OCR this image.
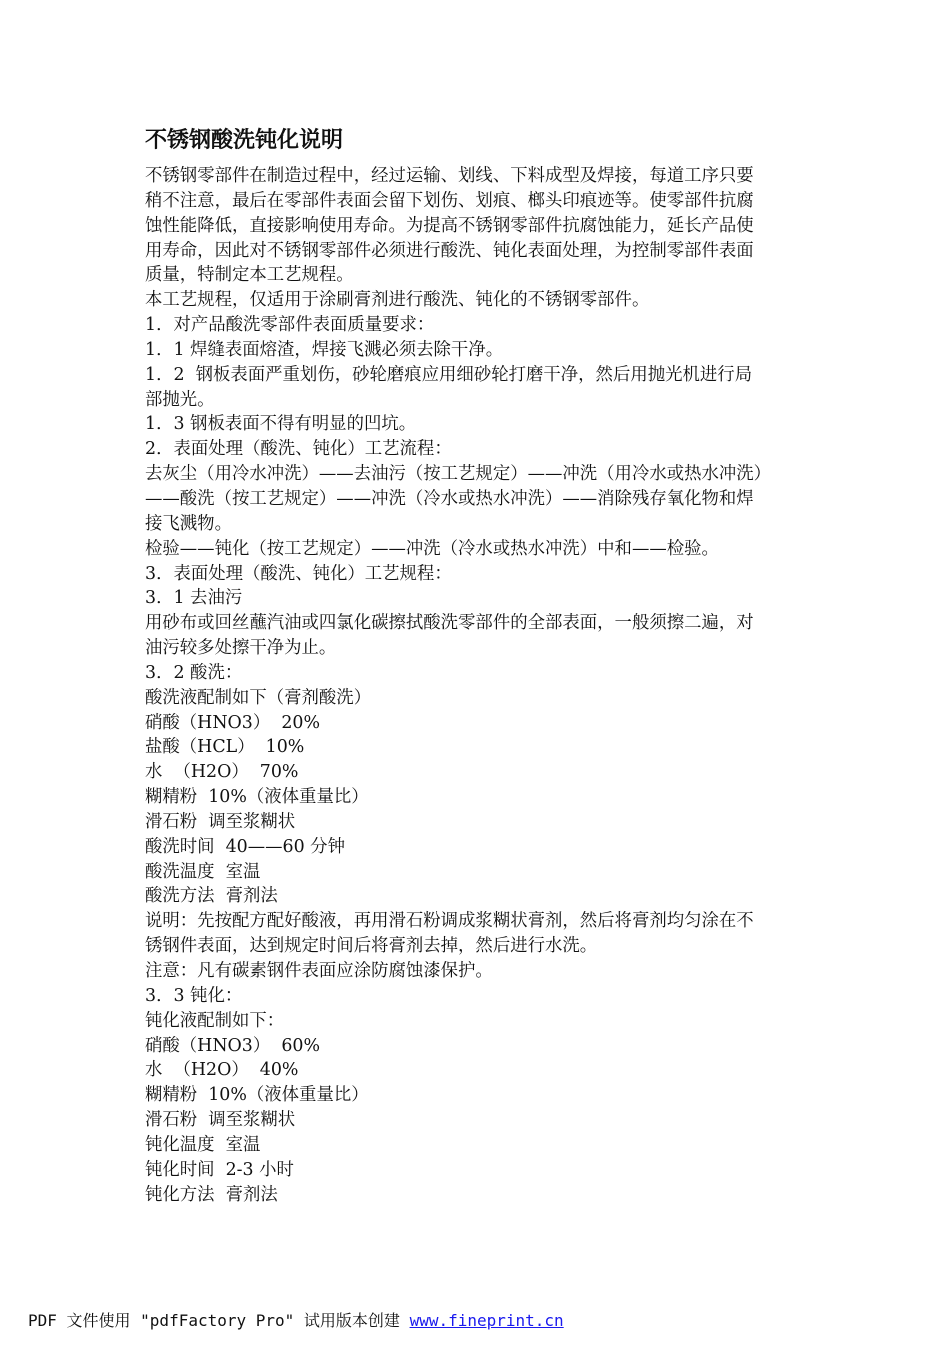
不锈钢酸洗钝化说明
不锈钢零部件在制造过程中，经过运输、划线、下料成型及焊接，每道工序只要
稍不注意，最后在零部件表面会留下划伤、划痕、榔头印痕迹等。使零部件抗腐
蚀性能降低，直接影响使用寿命。为提高不锈钢零部件抗腐蚀能力，延长产品使
用寿命，因此对不锈钢零部件必须进行酸洗、钝化表面处理，为控制零部件表面
质量，特制定本工艺规程。
本工艺规程，仅适用于涂刷膏剂进行酸洗、钝化的不锈钢零部件。
1．对产品酸洗零部件表面质量要求：
1．1 焊缝表面熔渣，焊接飞溅必须去除干净。
1．2  钢板表面严重划伤，砂轮磨痕应用细砂轮打磨干净，然后用抛光机进行局
部抛光。
1．3 钢板表面不得有明显的凹坑。
2．表面处理（酸洗、钝化）工艺流程：
去灰尘（用冷水冲洗）——去油污（按工艺规定）——冲洗（用冷水或热水冲洗）
——酸洗（按工艺规定）——冲洗（冷水或热水冲洗）——消除残存氧化物和焊
接飞溅物。
检验——钝化（按工艺规定）——冲洗（冷水或热水冲洗）中和——检验。
3．表面处理（酸洗、钝化）工艺规程：
3．1 去油污
用砂布或回丝蘸汽油或四氯化碳擦拭酸洗零部件的全部表面，一般须擦二遍，对
油污较多处擦干净为止。
3．2 酸洗：
酸洗液配制如下（膏剂酸洗）
硝酸（HNO3）  20%
盐酸（HCL）  10%
水  （H2O）  70%
糊精粉  10%（液体重量比）
滑石粉  调至浆糊状
酸洗时间  40——60 分钟
酸洗温度  室温
酸洗方法  膏剂法
说明：先按配方配好酸液，再用滑石粉调成浆糊状膏剂，然后将膏剂均匀涂在不
锈钢件表面，达到规定时间后将膏剂去掉，然后进行水洗。
注意：凡有碳素钢件表面应涂防腐蚀漆保护。
3．3 钝化：
钝化液配制如下：
硝酸（HNO3）  60%
水  （H2O）  40%
糊精粉  10%（液体重量比）
滑石粉  调至浆糊状
钝化温度  室温
钝化时间  2-3 小时
钝化方法  膏剂法
PDF 文件使用 "pdfFactory Pro" 试用版本创建 www.fineprint.cn
